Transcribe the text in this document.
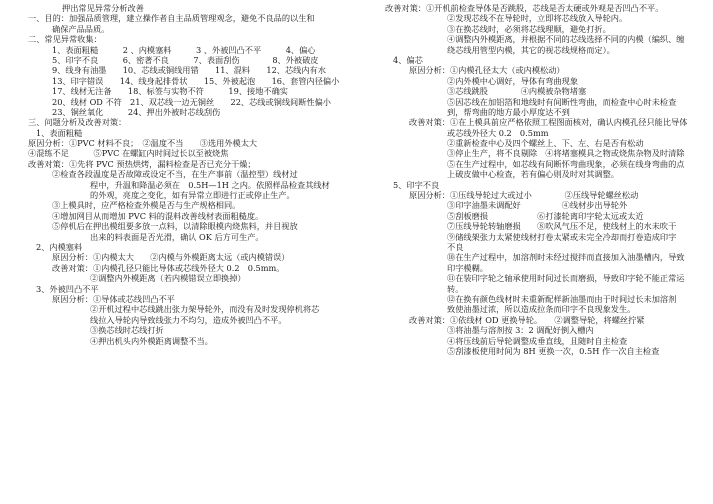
押出常见异常分析改善
一、目的：加强品质管理，建立操作者自主品质管理观念，避免不良品的以生和
确保产品品质。
二、常见异常收集：
1、表面粗糙　　　2 、内模塞料　　　3 、外被凹凸不平　　　4、偏心
5、印字不良　　　6、密著不良　　　7、表面刮伤　　　　8、外被破皮
9、线身有油墨　　10、芯线或铜线用错　　11、混料　　12、芯线内有水
13、印字错误　　14、线身起排骨状　　15、外被起泡　　16、套管内径偏小
17、线材无注备　　18、标签与实物不符　　　19、接地不确实
20、线材 OD 不符　21、双芯线一边无铜丝　　22、芯线或铜线间断性偏小
23、铜丝氧化　　　24、押出外被时芯线刮伤
三、问题分析及改善对策：
1、表面粗糙
原因分析：①PVC 材料不良；　②温度不当　　③选用外模太大
④混练不足　　　⑤PVC 在螺缸内时间过长以至被烧焦
改善对策：①先将 PVC 预热烘烤，漏料检查是否已充分干燥；
②检查各段温度是否故障或设定不当，在生产事前（温控型）线材过
程中，升温和降温必须在　0.5H—1H 之内。依照样品检查其线材
的外观，亮度之变化，如有异常立即进行正或停止生产。
③上模具时，应严格检查外模是否与生产规格相同。
④增加网目从而增加 PVC 料的混料改善线材表面粗糙度。
⑤停机后在押出模组要多放一点料，以清除眼模内烧焦料，并目视放
出来的料表面是否光滑，确认 OK 后方可生产。
2、内模塞料
原因分析：①内模太大　　②内模与外模距离太远（或内模错误）
改善对策：①内模孔径只能比导体或芯线外径大 0.2　0.5mm。
②调整内外模距离（若内模错误立即换掉）
3、外被凹凸不平
原因分析：①导体或芯线凹凸不平
②开机过程中芯线跳出张力架导轮外，而没有及时发现停机将芯
线拉入导轮内导致线张力不均匀，造成外被凹凸不平。
③换芯线时芯线打折
④押出机头内外模距离调整不当。
改善对策：①开机前检查导体是否跳股，芯线是否太硬或外观是否凹凸不平。
②发现芯线不在导轮时，立即将芯线放入导轮内。
③在换芯线时，必须将芯线理顺，避免打折。
④调整内外模距离，并根据不同的芯线选择不同的内模（编织、缠
绕芯线用管型内模，其它的视芯线规格而定）。
4、偏芯
原因分析：①内模孔径太大（或内模松动）
②内外模中心调好，导体有弯曲现象
③芯线跳股　　　　④内模被杂物堵塞
⑤因芯线在加铝箔和地线时有间断性弯曲，而检查中心时未检查
到，帮弯曲的地方最小厚度达不到
改善对策：①在上模具前应严格依照工程图面核对，确认内模孔径只能比导体
或芯线外径大 0.2　0.5mm
②重新检查中心及四个螺丝上、下、左、右是否有松动
③停止生产，将不良剔除　④将堵塞模具之物或烧焦杂物及时清除
⑤在生产过程中，如芯线有间断怀弯曲现象，必须在线身弯曲的点
上破皮做中心检查，若有偏心则及时对其调整。
5、印字不良
原因分析：①压线导轮过大或过小　　　　②压线导轮螺丝松动
③印字油墨未调配好　　　　　④线材步出导轮外
⑤刮板磨损　　　　　　⑥打漆轮离印字轮太远或太近
⑦压线导轮转轴磨损　　⑧吹风气压不足，使线材上的水未吹干
⑨储线架张力太紧使线材打卷太紧或未完全冷却而打卷造成印字
不良
⑩在生产过程中，加溶剂时未经过搅拌而直接加入油墨槽内，导致
印字模糊。
⑪在装印字轮之轴承使用时间过长而磨损，导致印字轮不能正常运
转。
⑫在换有颜色线材时未重新配样新油墨而由于时间过长未加溶剂
致使油墨过浓，所以造成拉条而印字不良现象发生。
改善对策：①依线材 OD 更换导轮。　　②调整导轮，将螺丝拧紧
③将油墨与溶剂按 3：2 调配好倒入槽内
④将压线前后导轮调整成垂直线，且随时自主检查
⑤刮漆板使用时间为 8H 更换一次，0.5H 作一次自主检查
